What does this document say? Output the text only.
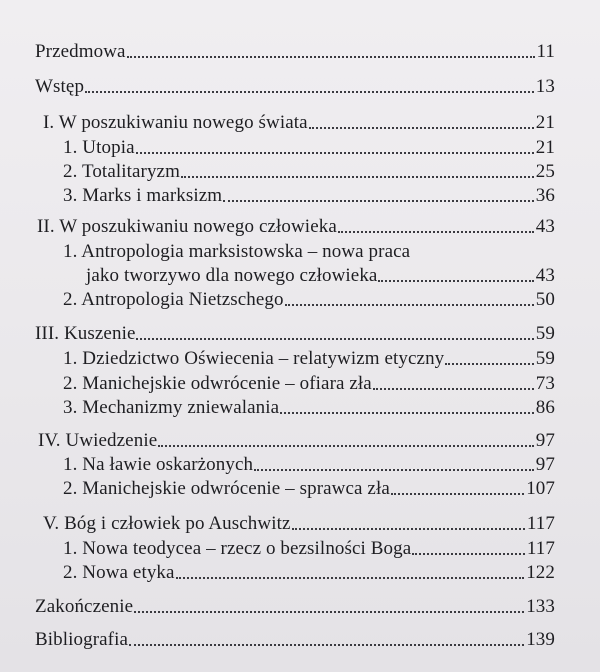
Przedmowa	11
Wstęp	13
I. W poszukiwaniu nowego świata	21
1. Utopia	21
2. Totalitaryzm	25
3. Marks i marksizm	36
II. W poszukiwaniu nowego człowieka	43
1. Antropologia marksistowska – nowa praca
jako tworzywo dla nowego człowieka	43
2. Antropologia Nietzschego	50
III. Kuszenie	59
1. Dziedzictwo Oświecenia – relatywizm etyczny	59
2. Manichejskie odwrócenie – ofiara zła	73
3. Mechanizmy zniewalania	86
IV. Uwiedzenie	97
1. Na ławie oskarżonych	97
2. Manichejskie odwrócenie – sprawca zła	107
V. Bóg i człowiek po Auschwitz	117
1. Nowa teodycea – rzecz o bezsilności Boga	117
2. Nowa etyka	122
Zakończenie	133
Bibliografia	139
